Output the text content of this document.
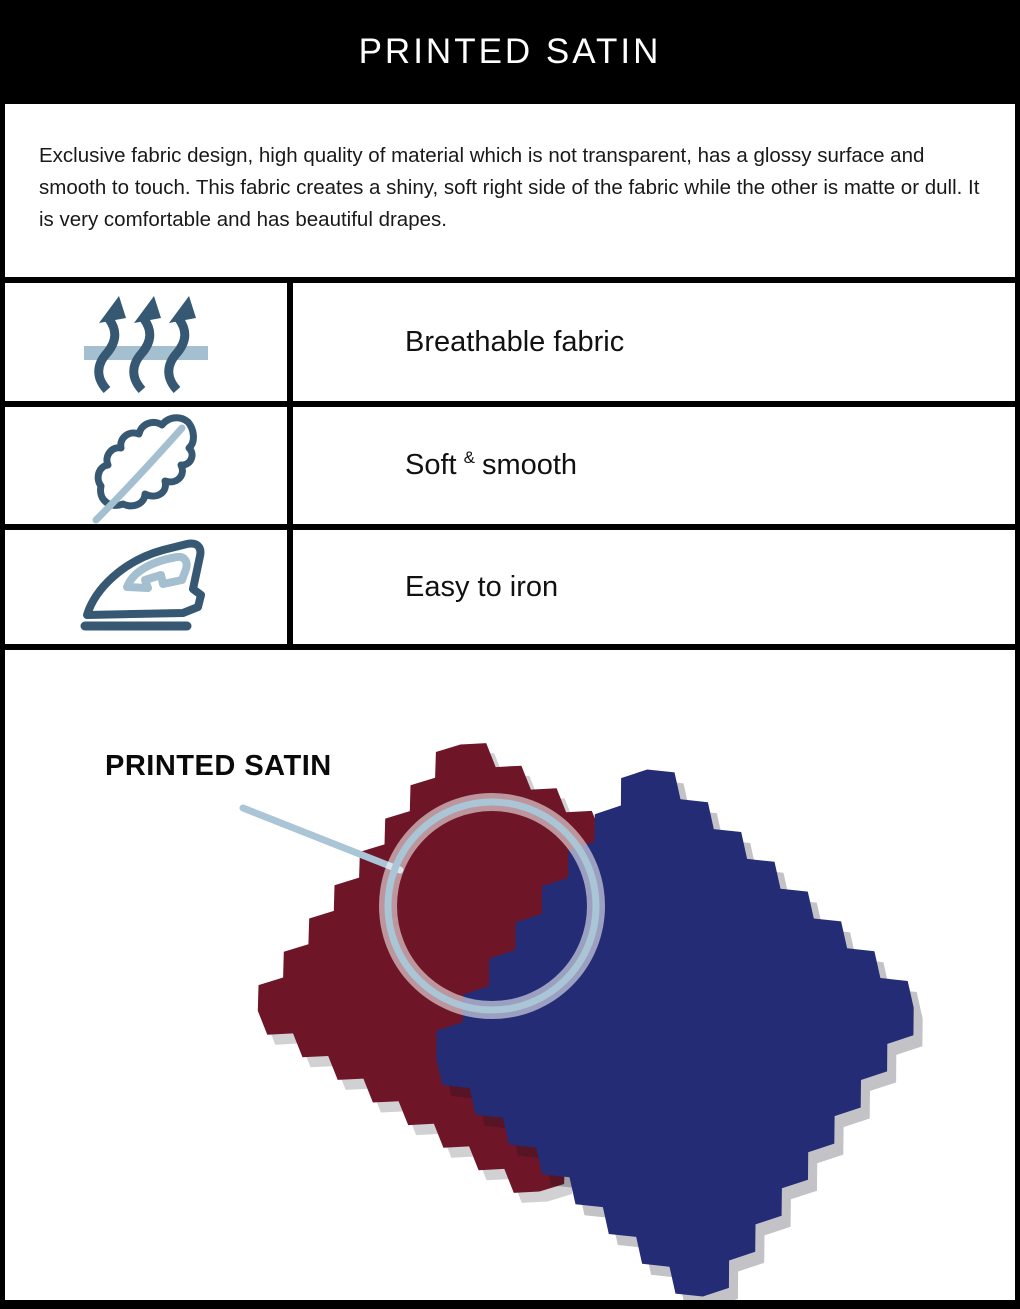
PRINTED SATIN
Exclusive fabric design, high quality of material which is not transparent, has a glossy surface and smooth to touch. This fabric creates a shiny, soft right side of the fabric while the other is matte or dull. It is very comfortable and has beautiful drapes.
Breathable fabric
Soft & smooth
Easy to iron
PRINTED SATIN
